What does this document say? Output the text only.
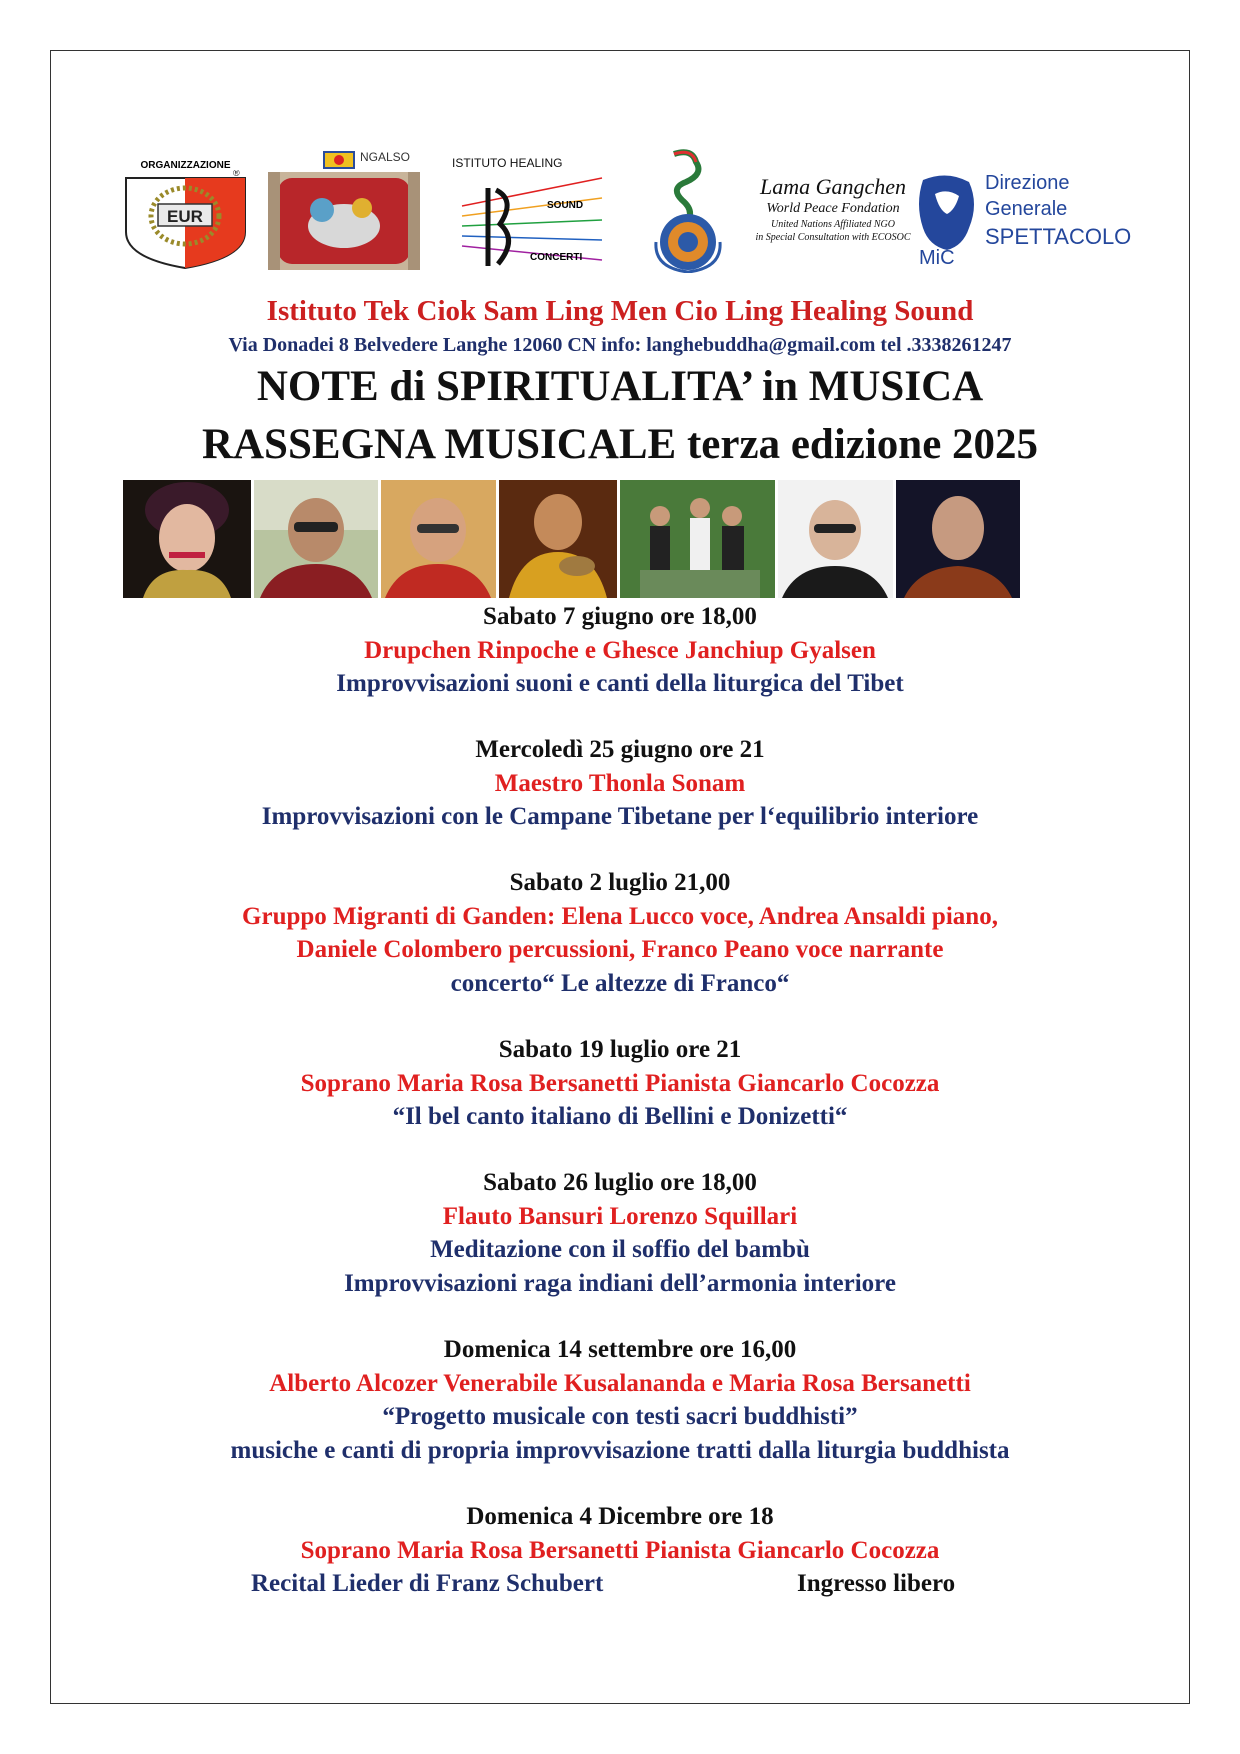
ORGANIZZAZIONE
EUR
®
NGALSO	ISTITUTO HEALING
SOUND
CONCERTI
Lama Gangchen
World Peace Fondation
United Nations Affiliated NGO
in Special Consultation with ECOSOC
MiC
Direzione
Generale
SPETTACOLO
Istituto Tek Ciok Sam Ling Men Cio Ling Healing Sound
Via Donadei 8 Belvedere Langhe 12060 CN info: langhebuddha@gmail.com tel .3338261247
NOTE di SPIRITUALITA’ in MUSICA
RASSEGNA MUSICALE terza edizione 2025
Sabato 7 giugno ore 18,00
Drupchen Rinpoche e Ghesce Janchiup Gyalsen
Improvvisazioni suoni e canti della liturgica del Tibet
Mercoledì 25 giugno ore 21
Maestro Thonla Sonam
Improvvisazioni con le Campane Tibetane per l‘equilibrio interiore
Sabato 2 luglio 21,00
Gruppo Migranti di Ganden: Elena Lucco voce, Andrea Ansaldi piano,
Daniele Colombero percussioni, Franco Peano voce narrante
concerto“ Le altezze di Franco“
Sabato 19 luglio ore 21
Soprano Maria Rosa Bersanetti Pianista Giancarlo Cocozza
“Il bel canto italiano di Bellini e Donizetti“
Sabato 26 luglio ore 18,00
Flauto Bansuri Lorenzo Squillari
Meditazione con il soffio del bambù
Improvvisazioni raga indiani dell’armonia interiore
Domenica 14 settembre ore 16,00
Alberto Alcozer Venerabile Kusalananda e Maria Rosa Bersanetti
“Progetto musicale con testi sacri buddhisti”
musiche e canti di propria improvvisazione tratti dalla liturgia buddhista
Domenica 4 Dicembre ore 18
Soprano Maria Rosa Bersanetti Pianista Giancarlo Cocozza
Recital Lieder di Franz Schubert	Ingresso libero
